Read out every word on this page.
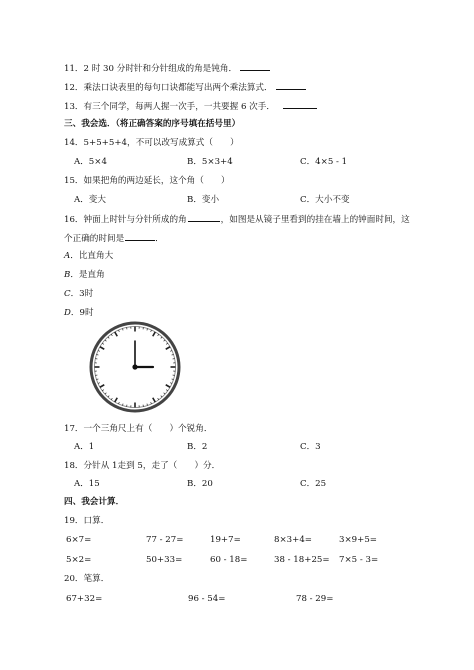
11．2 时 30 分时针和分针组成的角是钝角．
12．乘法口诀表里的每句口诀都能写出两个乘法算式．
13．有三个同学，每两人握一次手，一共要握 6 次手．
三、我会选．（将正确答案的序号填在括号里）
14．5+5+5+4，不可以改写成算式（　　）
A．5×4	B．5×3+4	C．4×5 - 1
15．如果把角的两边延长，这个角（　　）
A．变大	B．变小	C．大小不变
16．钟面上时针与分针所成的角	，如图是从镜子里看到的挂在墙上的钟面时间，这
个正确的时间是	．
A．比直角大
B．是直角
C．3时
D．9时
17．一个三角尺上有（　　）个锐角．
A．1	B．2	C．3
18．分针从 1走到 5，走了（　　）分．
A．15	B．20	C．25
四、我会计算．
19．口算．
6×7=	77 - 27=	19+7=	8×3+4=	3×9+5=
5×2=	50+33=	60 - 18=	38 - 18+25= 7×5 - 3=
20．笔算．
67+32=	96 - 54=	78 - 29=
